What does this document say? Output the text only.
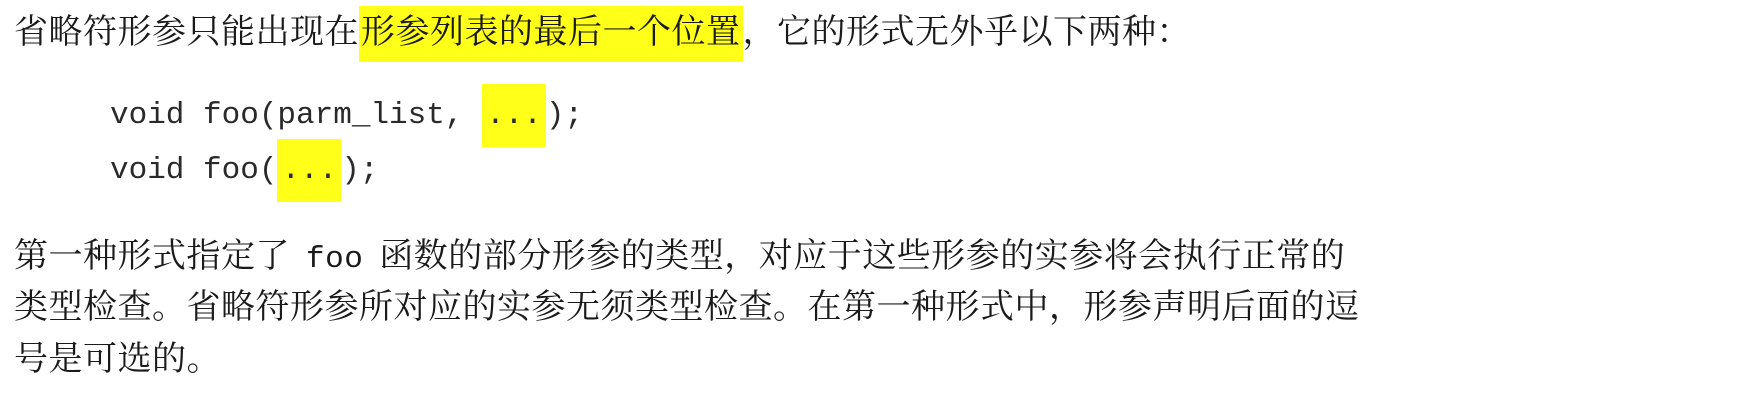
省略符形参只能出现在形参列表的最后一个位置，它的形式无外乎以下两种：
void foo(parm_list, ... );
void foo( ... );
第一种形式指定了 foo 函数的部分形参的类型，对应于这些形参的实参将会执行正常的
类型检查。省略符形参所对应的实参无须类型检查。在第一种形式中，形参声明后面的逗
号是可选的。
